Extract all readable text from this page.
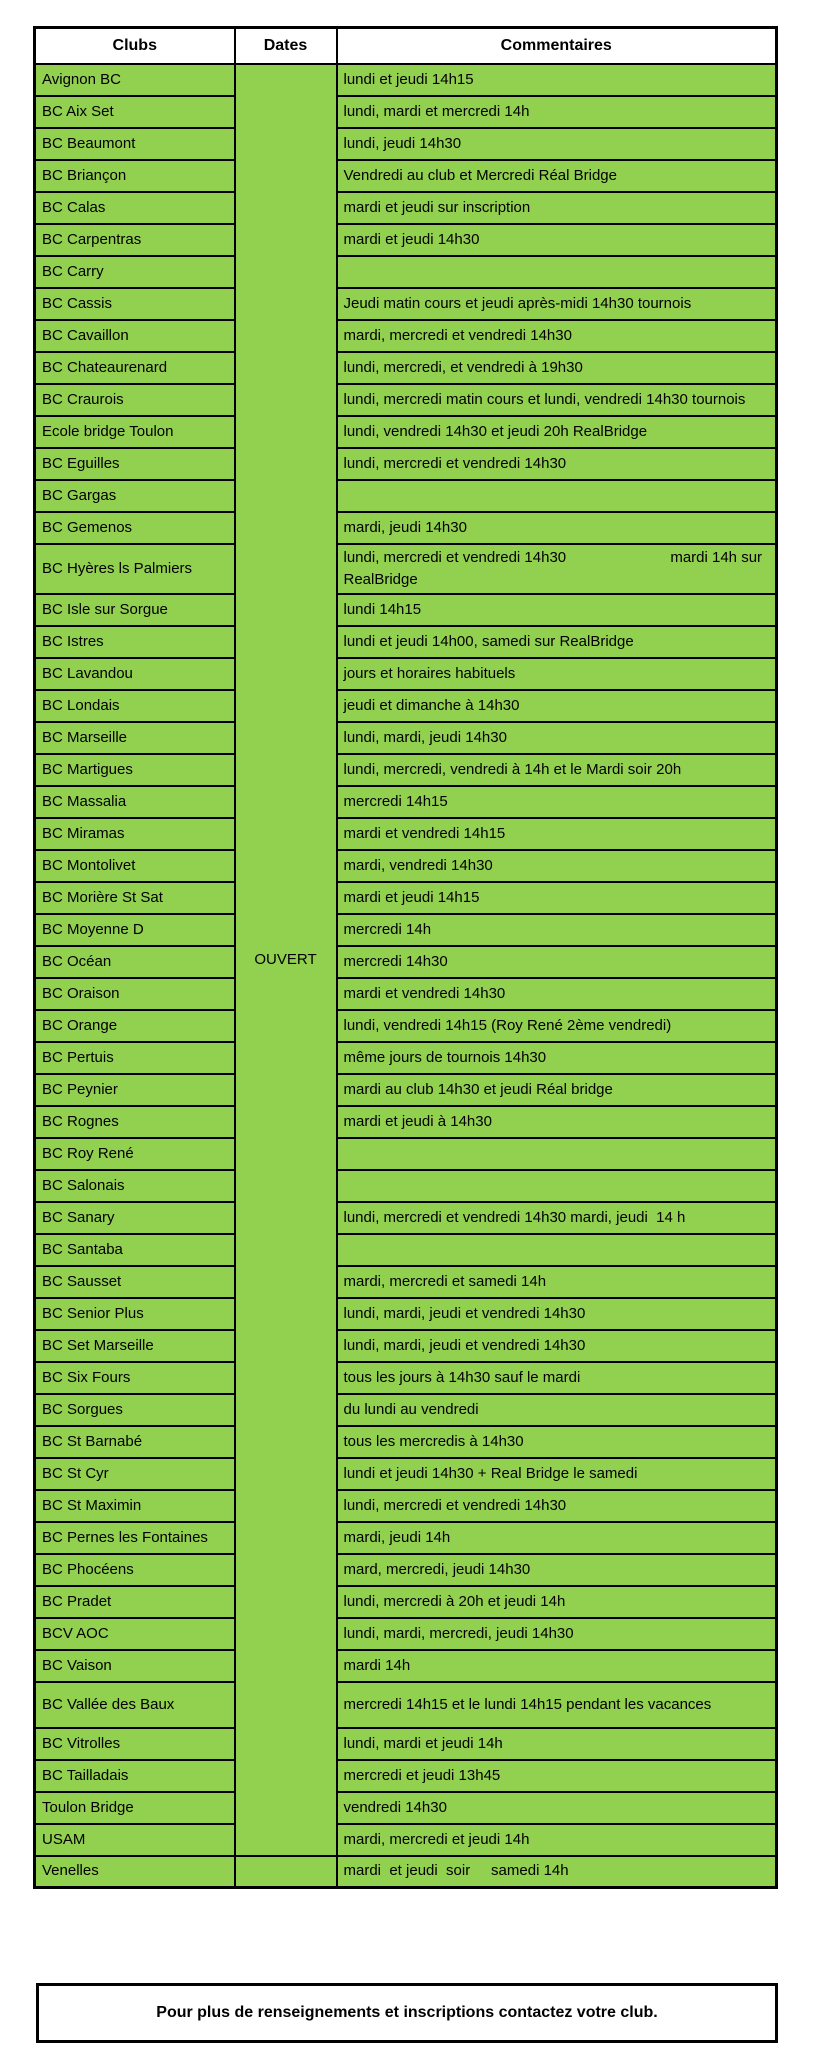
Clubs	Dates	Commentaires
Avignon BC	OUVERT	lundi et jeudi 14h15
BC Aix Set		lundi, mardi et mercredi 14h
BC Beaumont		lundi, jeudi 14h30
BC Briançon		Vendredi au club et Mercredi Réal Bridge
BC Calas		mardi et jeudi sur inscription
BC Carpentras		mardi et jeudi 14h30
BC Carry		
BC Cassis		Jeudi matin cours et jeudi après-midi 14h30 tournois
BC Cavaillon		mardi, mercredi et vendredi 14h30
BC Chateaurenard		lundi, mercredi, et vendredi à 19h30
BC Craurois		lundi, mercredi matin cours et lundi, vendredi 14h30 tournois
Ecole bridge Toulon		lundi, vendredi 14h30 et jeudi 20h RealBridge
BC Eguilles		lundi, mercredi et vendredi 14h30
BC Gargas		
BC Gemenos		mardi, jeudi 14h30
BC Hyères ls Palmiers		lundi, mercredi et vendredi 14h30                         mardi 14h sur RealBridge
BC Isle sur Sorgue		lundi 14h15
BC Istres		lundi et jeudi 14h00, samedi sur RealBridge
BC Lavandou		jours et horaires habituels
BC Londais		jeudi et dimanche à 14h30
BC Marseille		lundi, mardi, jeudi 14h30
BC Martigues		lundi, mercredi, vendredi à 14h et le Mardi soir 20h
BC Massalia		mercredi 14h15
BC Miramas		mardi et vendredi 14h15
BC Montolivet		mardi, vendredi 14h30
BC Morière St Sat		mardi et jeudi 14h15
BC Moyenne D		mercredi 14h
BC Océan		mercredi 14h30
BC Oraison		mardi et vendredi 14h30
BC Orange		lundi, vendredi 14h15 (Roy René 2ème vendredi)
BC Pertuis		même jours de tournois 14h30
BC Peynier		mardi au club 14h30 et jeudi Réal bridge
BC Rognes		mardi et jeudi à 14h30
BC Roy René		
BC Salonais		
BC Sanary		lundi, mercredi et vendredi 14h30 mardi, jeudi  14 h
BC Santaba		
BC Sausset		mardi, mercredi et samedi 14h
BC Senior Plus		lundi, mardi, jeudi et vendredi 14h30
BC Set Marseille		lundi, mardi, jeudi et vendredi 14h30
BC Six Fours		tous les jours à 14h30 sauf le mardi
BC Sorgues		du lundi au vendredi
BC St Barnabé		tous les mercredis à 14h30
BC St Cyr		lundi et jeudi 14h30 + Real Bridge le samedi
BC St Maximin		lundi, mercredi et vendredi 14h30
BC Pernes les Fontaines		mardi, jeudi 14h
BC Phocéens		mard, mercredi, jeudi 14h30
BC Pradet		lundi, mercredi à 20h et jeudi 14h
BCV AOC		lundi, mardi, mercredi, jeudi 14h30
BC Vaison		mardi 14h
BC Vallée des Baux		mercredi 14h15 et le lundi 14h15 pendant les vacances
BC Vitrolles		lundi, mardi et jeudi 14h
BC Tailladais		mercredi et jeudi 13h45
Toulon Bridge		vendredi 14h30
USAM		mardi, mercredi et jeudi 14h
Venelles		mardi  et jeudi  soir     samedi 14h
Pour plus de renseignements et inscriptions contactez votre club.
